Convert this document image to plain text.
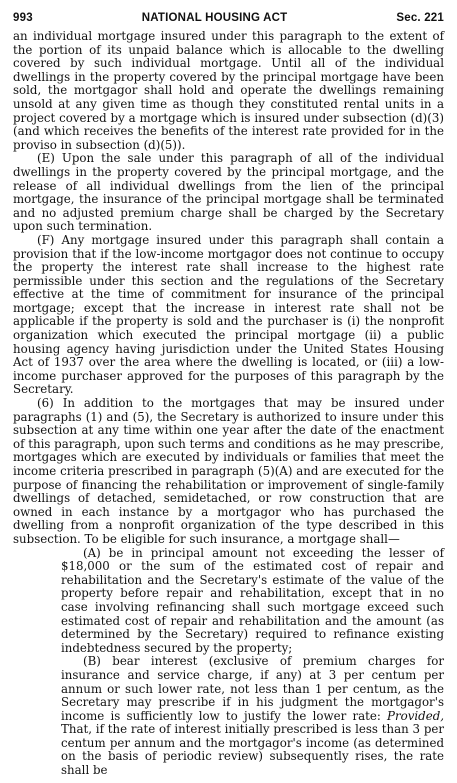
993	NATIONAL HOUSING ACT	Sec. 221

an individual mortgage insured under this paragraph to the extent of the portion of its unpaid balance which is allocable to the dwelling covered by such individual mortgage. Until all of the individual dwellings in the property covered by the principal mortgage have been sold, the mortgagor shall hold and operate the dwellings remaining unsold at any given time as though they constituted rental units in a project covered by a mortgage which is insured under subsection (d)(3) (and which receives the benefits of the interest rate provided for in the proviso in subsection (d)(5)).

(E) Upon the sale under this paragraph of all of the individual dwellings in the property covered by the principal mortgage, and the release of all individual dwellings from the lien of the principal mortgage, the insurance of the principal mortgage shall be terminated and no adjusted premium charge shall be charged by the Secretary upon such termination.

(F) Any mortgage insured under this paragraph shall contain a provision that if the low-income mortgagor does not continue to occupy the property the interest rate shall increase to the highest rate permissible under this section and the regulations of the Secretary effective at the time of commitment for insurance of the principal mortgage; except that the increase in interest rate shall not be applicable if the property is sold and the purchaser is (i) the nonprofit organization which executed the principal mortgage (ii) a public housing agency having jurisdiction under the United States Housing Act of 1937 over the area where the dwelling is located, or (iii) a low-income purchaser approved for the purposes of this paragraph by the Secretary.

(6) In addition to the mortgages that may be insured under paragraphs (1) and (5), the Secretary is authorized to insure under this subsection at any time within one year after the date of the enactment of this paragraph, upon such terms and conditions as he may prescribe, mortgages which are executed by individuals or families that meet the income criteria prescribed in paragraph (5)(A) and are executed for the purpose of financing the rehabilitation or improvement of single-family dwellings of detached, semidetached, or row construction that are owned in each instance by a mortgagor who has purchased the dwelling from a nonprofit organization of the type described in this subsection. To be eligible for such insurance, a mortgage shall—

(A) be in principal amount not exceeding the lesser of $18,000 or the sum of the estimated cost of repair and rehabilitation and the Secretary's estimate of the value of the property before repair and rehabilitation, except that in no case involving refinancing shall such mortgage exceed such estimated cost of repair and rehabilitation and the amount (as determined by the Secretary) required to refinance existing indebtedness secured by the property;

(B) bear interest (exclusive of premium charges for insurance and service charge, if any) at 3 per centum per annum or such lower rate, not less than 1 per centum, as the Secretary may prescribe if in his judgment the mortgagor's income is sufficiently low to justify the lower rate: Provided, That, if the rate of interest initially prescribed is less than 3 per centum per annum and the mortgagor's income (as determined on the basis of periodic review) subsequently rises, the rate shall be
